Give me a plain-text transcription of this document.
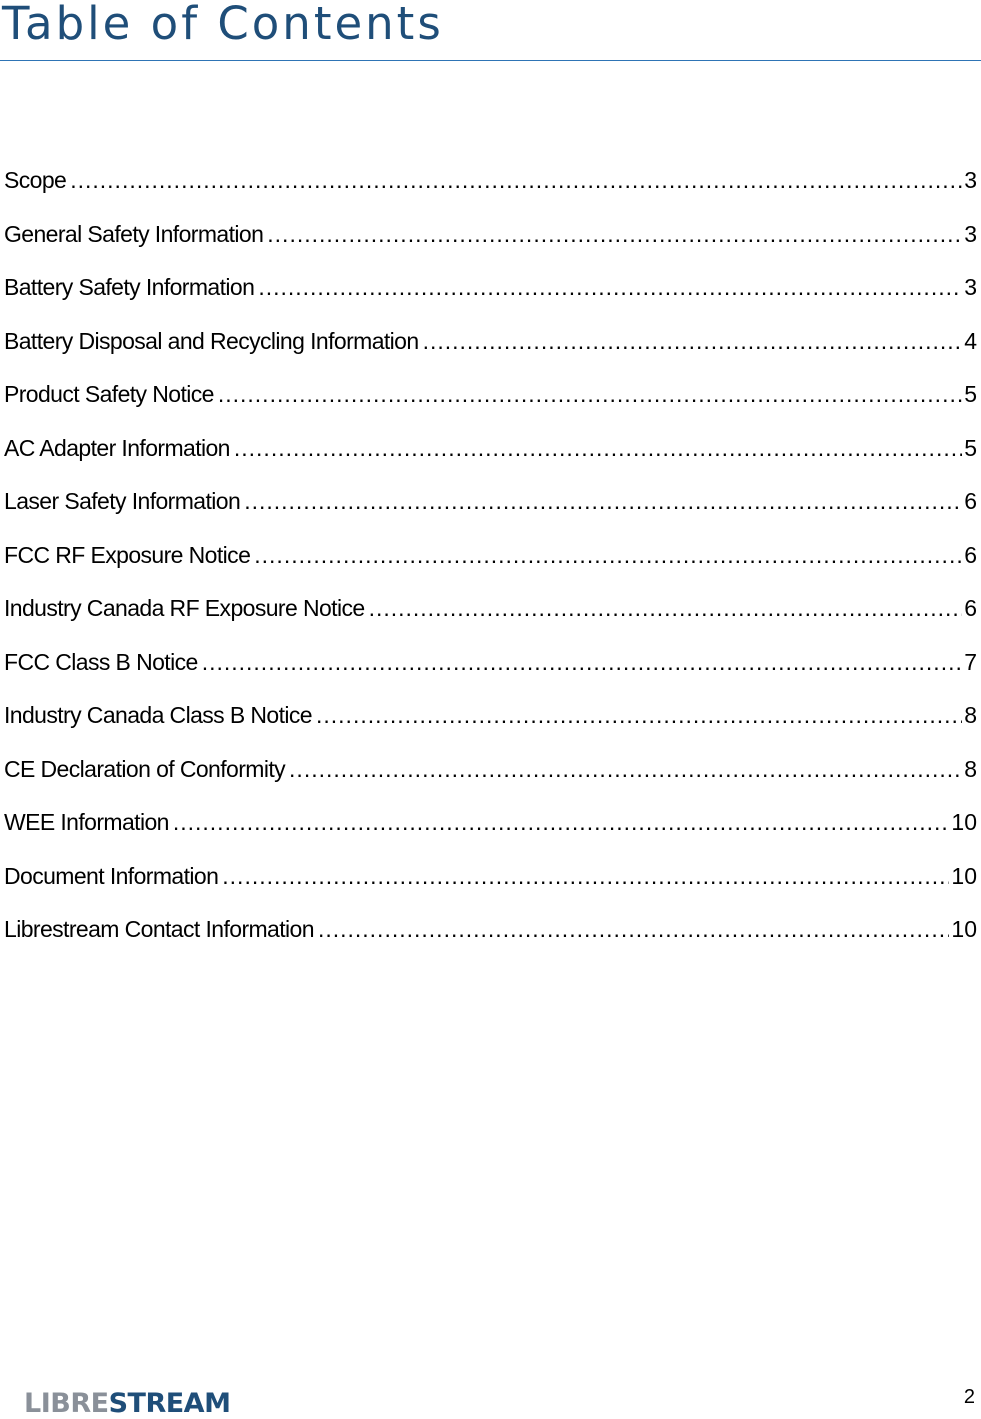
Table of Contents
Scope .....	3
General Safety Information .....	3
Battery Safety Information .....	3
Battery Disposal and Recycling Information .....	4
Product Safety Notice .....	5
AC Adapter Information .....	5
Laser Safety Information .....	6
FCC RF Exposure Notice .....	6
Industry Canada RF Exposure Notice .....	6
FCC Class B Notice .....	7
Industry Canada Class B Notice .....	8
CE Declaration of Conformity .....	8
WEE Information .....	10
Document Information .....	10
Librestream Contact Information .....	10
LIBRESTREAM	2
